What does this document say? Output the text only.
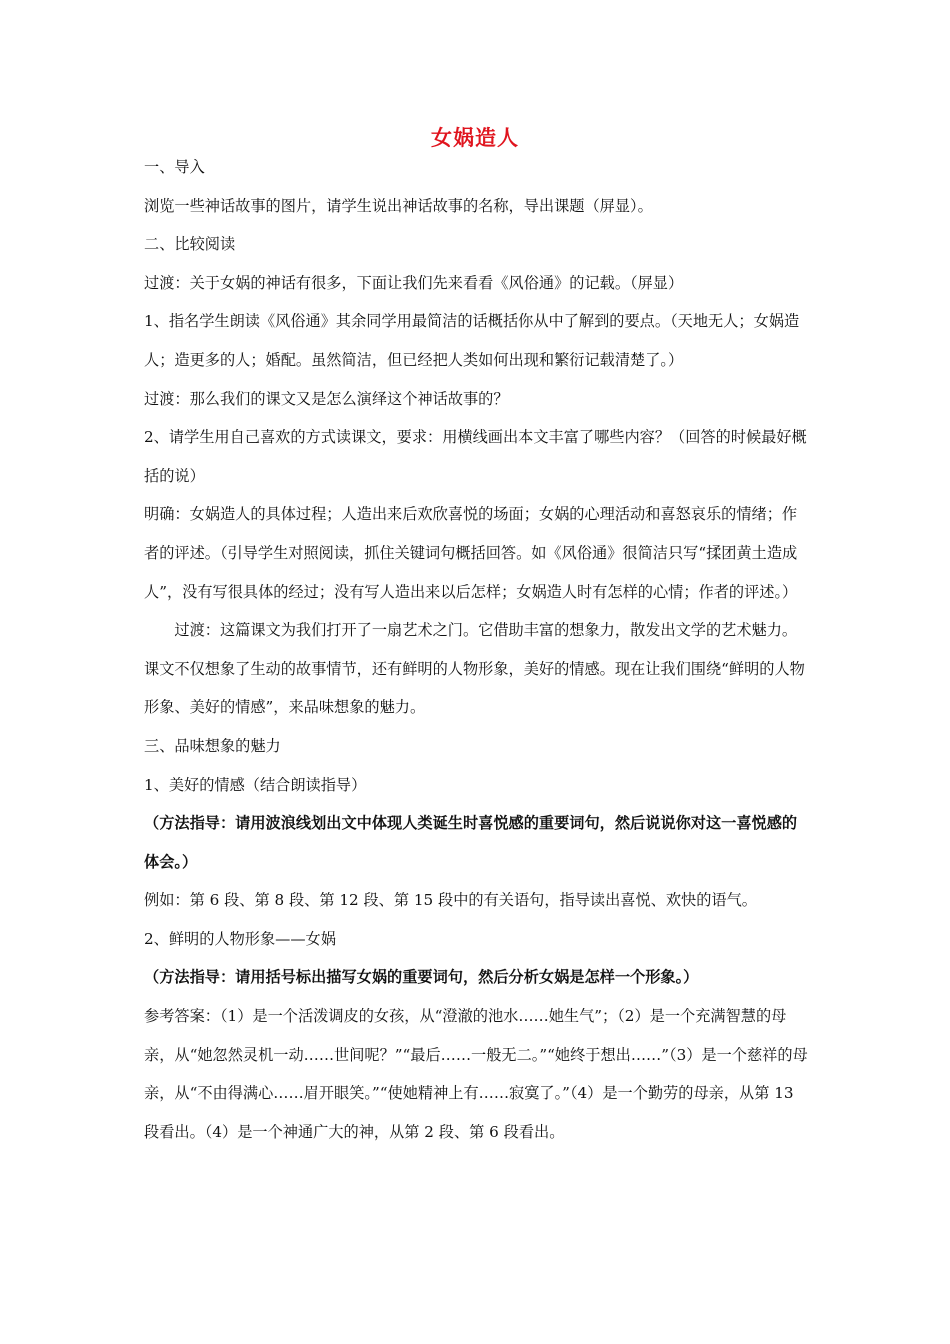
女娲造人

一、导入

浏览一些神话故事的图片，请学生说出神话故事的名称，导出课题（屏显）。

二、比较阅读

过渡：关于女娲的神话有很多，下面让我们先来看看《风俗通》的记载。（屏显）

1、指名学生朗读《风俗通》其余同学用最简洁的话概括你从中了解到的要点。（天地无人；女娲造人；造更多的人；婚配。虽然简洁，但已经把人类如何出现和繁衍记载清楚了。）

过渡：那么我们的课文又是怎么演绎这个神话故事的？

2、请学生用自己喜欢的方式读课文，要求：用横线画出本文丰富了哪些内容？（回答的时候最好概括的说）

明确：女娲造人的具体过程；人造出来后欢欣喜悦的场面；女娲的心理活动和喜怒哀乐的情绪；作者的评述。（引导学生对照阅读，抓住关键词句概括回答。如《风俗通》很简洁只写“揉团黄土造成人”，没有写很具体的经过；没有写人造出来以后怎样；女娲造人时有怎样的心情；作者的评述。）

过渡：这篇课文为我们打开了一扇艺术之门。它借助丰富的想象力，散发出文学的艺术魅力。课文不仅想象了生动的故事情节，还有鲜明的人物形象，美好的情感。现在让我们围绕“鲜明的人物形象、美好的情感”，来品味想象的魅力。

三、品味想象的魅力

1、美好的情感（结合朗读指导）

（方法指导：请用波浪线划出文中体现人类诞生时喜悦感的重要词句，然后说说你对这一喜悦感的体会。）

例如：第 6 段、第 8 段、第 12 段、第 15 段中的有关语句，指导读出喜悦、欢快的语气。

2、鲜明的人物形象——女娲

（方法指导：请用括号标出描写女娲的重要词句，然后分析女娲是怎样一个形象。）

参考答案：（1）是一个活泼调皮的女孩，从“澄澈的池水……她生气”；（2）是一个充满智慧的母亲，从“她忽然灵机一动……世间呢？”“最后……一般无二。”“她终于想出……”（3）是一个慈祥的母亲，从“不由得满心……眉开眼笑。”“使她精神上有……寂寞了。”（4）是一个勤劳的母亲，从第 13 段看出。（4）是一个神通广大的神，从第 2 段、第 6 段看出。
